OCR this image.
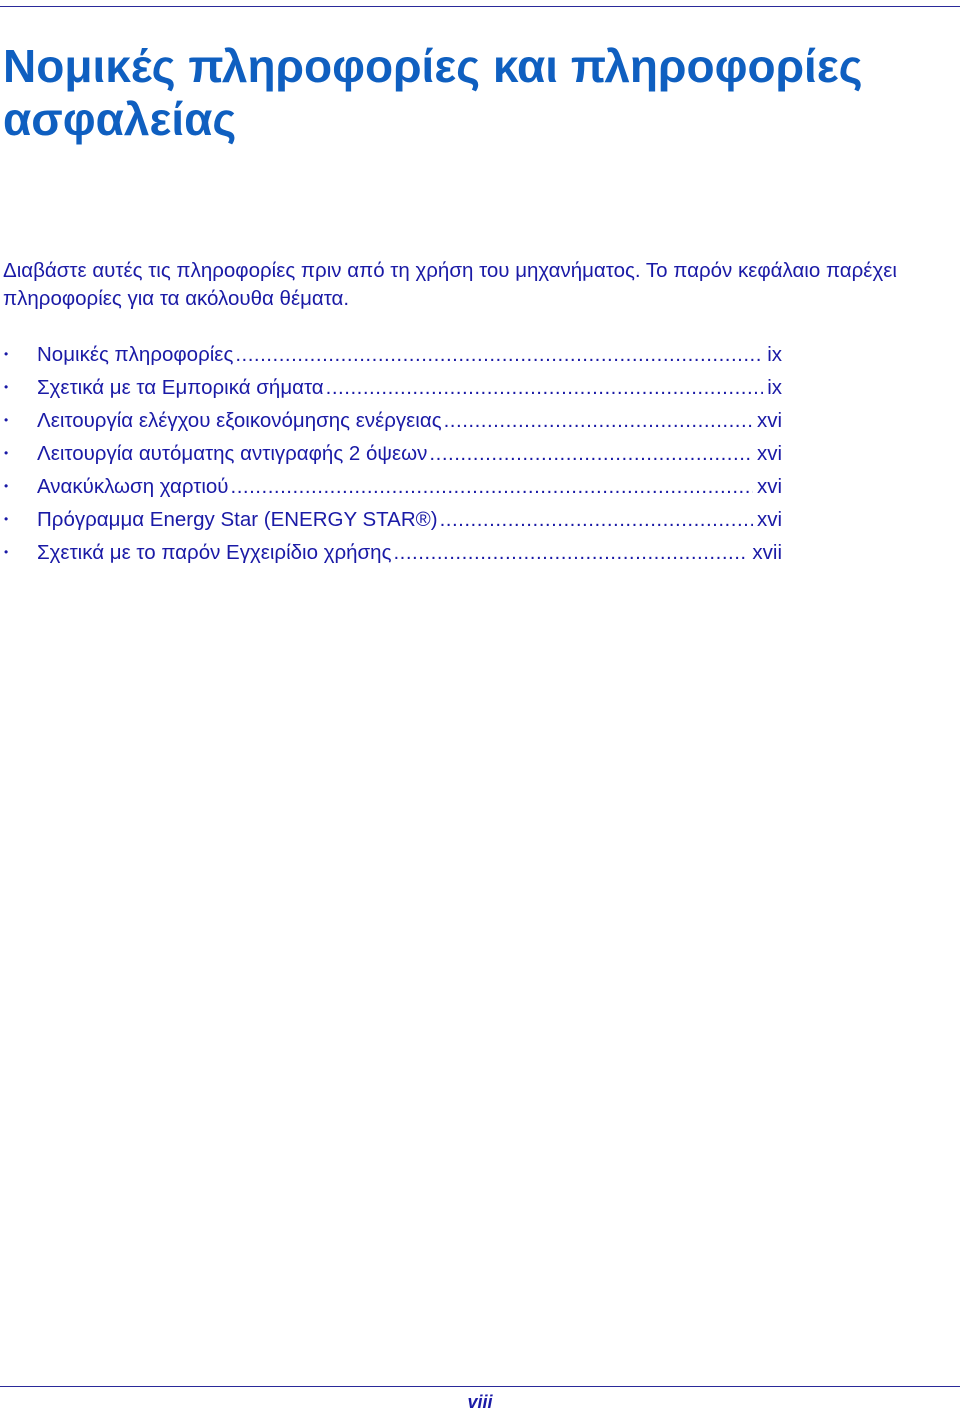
Νομικές πληροφορίες και πληροφορίες ασφαλείας

Διαβάστε αυτές τις πληροφορίες πριν από τη χρήση του μηχανήματος. Το παρόν κεφάλαιο παρέχει πληροφορίες για τα ακόλουθα θέματα.

• Νομικές πληροφορίες .....	ix
• Σχετικά με τα Εμπορικά σήματα .....	ix
• Λειτουργία ελέγχου εξοικονόμησης ενέργειας .....	xvi
• Λειτουργία αυτόματης αντιγραφής 2 όψεων .....	xvi
• Ανακύκλωση χαρτιού .....	xvi
• Πρόγραμμα Energy Star (ENERGY STAR®) .....	xvi
• Σχετικά με το παρόν Εγχειρίδιο χρήσης .....	xvii
viii
